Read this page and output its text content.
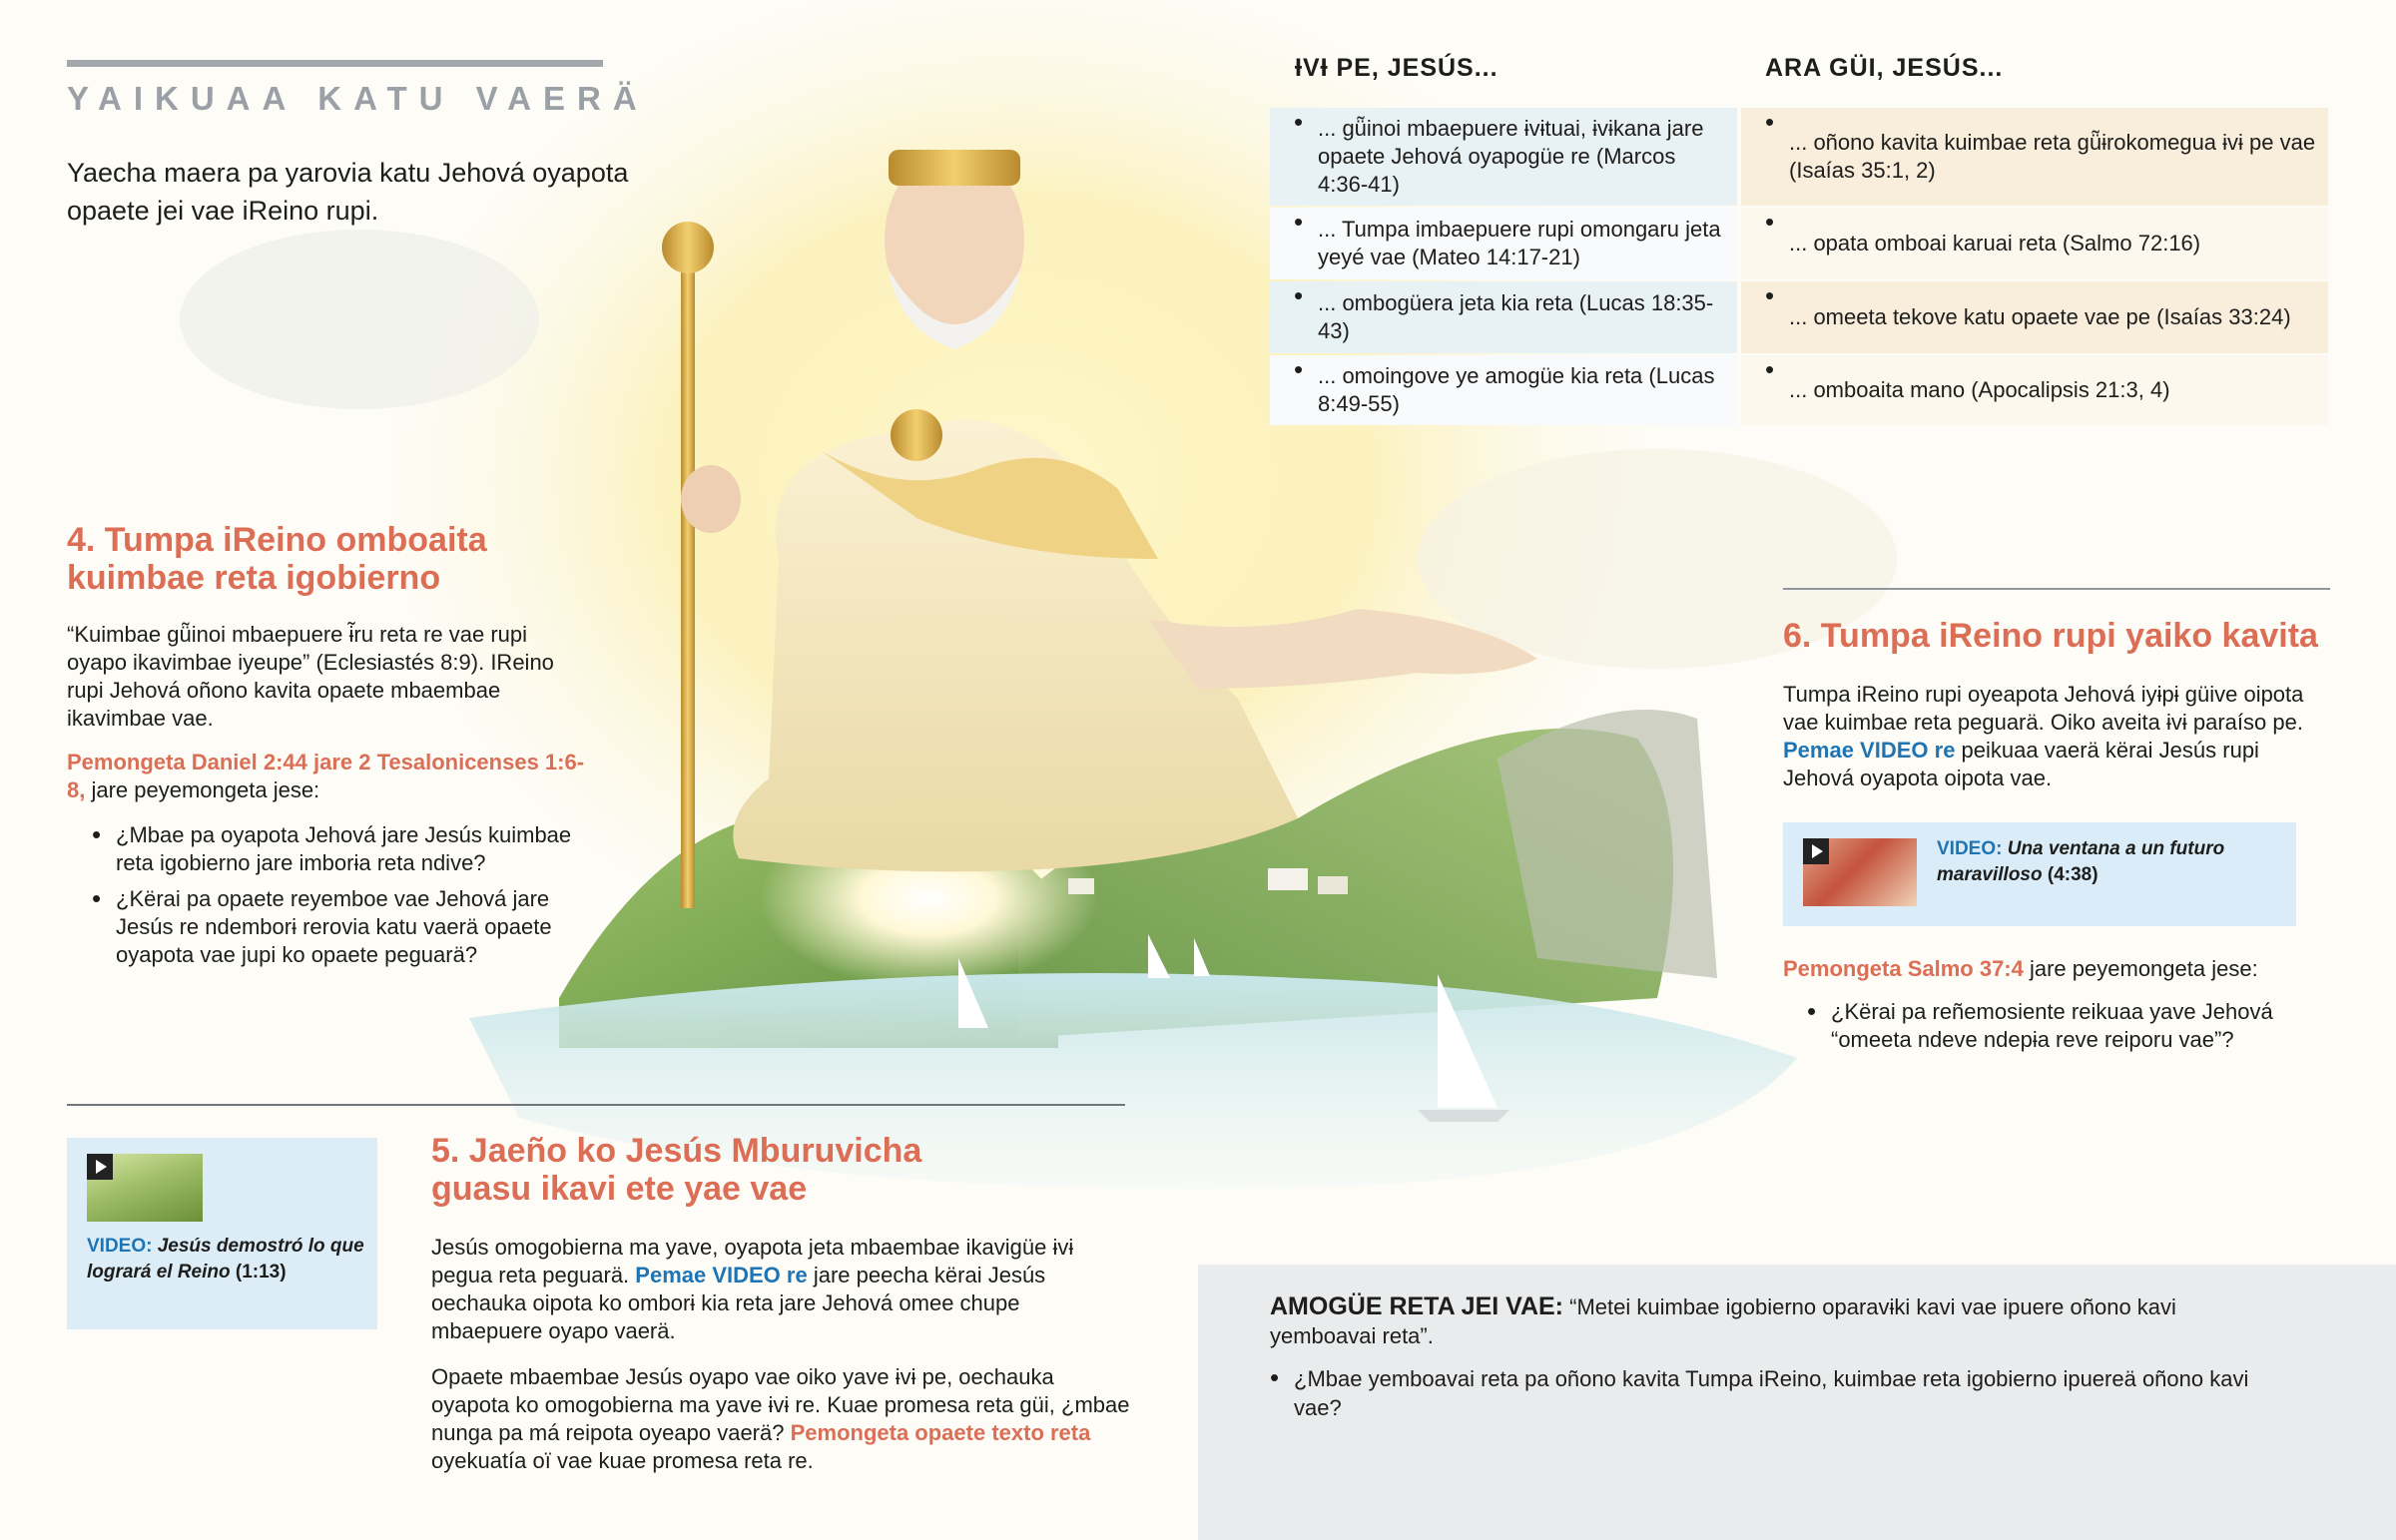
YAIKUAA KATU VAERÄ
Yaecha maera pa yarovia katu Jehová oyapota opaete jei vae iReino rupi.
ƗVƗ PE, JESÚS...	ARA GÜI, JESÚS...
• ... gü̃inoi mbaepuere ɨvɨtuai, ɨvɨkana jare opaete Jehová oyapogüe re (Marcos 4:36-41)
• ... Tumpa imbaepuere rupi omongaru jeta yeyé vae (Mateo 14:17-21)
• ... ombogüera jeta kia reta (Lucas 18:35-43)
• ... omoingove ye amogüe kia reta (Lucas 8:49-55)
•
... oñono kavita kuimbae reta gü̃ɨrokomegua ɨvɨ pe vae (Isaías 35:1, 2)
•
... opata omboai karuai reta (Salmo 72:16)
•
... omeeta tekove katu opaete vae pe (Isaías 33:24)
•
... omboaita mano (Apocalipsis 21:3, 4)
4. Tumpa iReino omboaita kuimbae reta igobierno
“Kuimbae gü̃inoi mbaepuere ɨ̃ru reta re vae rupi oyapo ikavimbae iyeupe” (Eclesiastés 8:9). IReino rupi Jehová oñono kavita opaete mbaembae ikavimbae vae.
Pemongeta Daniel 2:44 jare 2 Tesalonicenses 1:6-8, jare peyemongeta jese:
• ¿Mbae pa oyapota Jehová jare Jesús kuimbae reta igobierno jare imborɨa reta ndive?
• ¿Kërai pa opaete reyemboe vae Jehová jare Jesús re ndemborɨ rerovia katu vaerä opaete oyapota vae jupi ko opaete peguarä?
6. Tumpa iReino rupi yaiko kavita
Tumpa iReino rupi oyeapota Jehová iyɨpɨ güive oipota vae kuimbae reta peguarä. Oiko aveita ɨvɨ paraíso pe. Pemae VIDEO re peikuaa vaerä kërai Jesús rupi Jehová oyapota oipota vae.
VIDEO: Una ventana a un futuro maravilloso (4:38)
Pemongeta Salmo 37:4 jare peyemongeta jese:
• ¿Kërai pa reñemosiente reikuaa yave Jehová “omeeta ndeve ndepɨa reve reiporu vae”?
VIDEO: Jesús demostró lo que logrará el Reino (1:13)
5. Jaeño ko Jesús Mburuvicha guasu ikavi ete yae vae
Jesús omogobierna ma yave, oyapota jeta mbaembae ikavigüe ɨvɨ pegua reta peguarä. Pemae VIDEO re jare peecha kërai Jesús oechauka oipota ko omborɨ kia reta jare Jehová omee chupe mbaepuere oyapo vaerä.
Opaete mbaembae Jesús oyapo vae oiko yave ɨvɨ pe, oechauka oyapota ko omogobierna ma yave ɨvɨ re. Kuae promesa reta güi, ¿mbae nunga pa má reipota oyeapo vaerä? Pemongeta opaete texto reta oyekuatía oï vae kuae promesa reta re.
AMOGÜE RETA JEI VAE: “Metei kuimbae igobierno oparavɨki kavi vae ipuere oñono kavi yemboavai reta”.
• ¿Mbae yemboavai reta pa oñono kavita Tumpa iReino, kuimbae reta igobierno ipuereä oñono kavi vae?
